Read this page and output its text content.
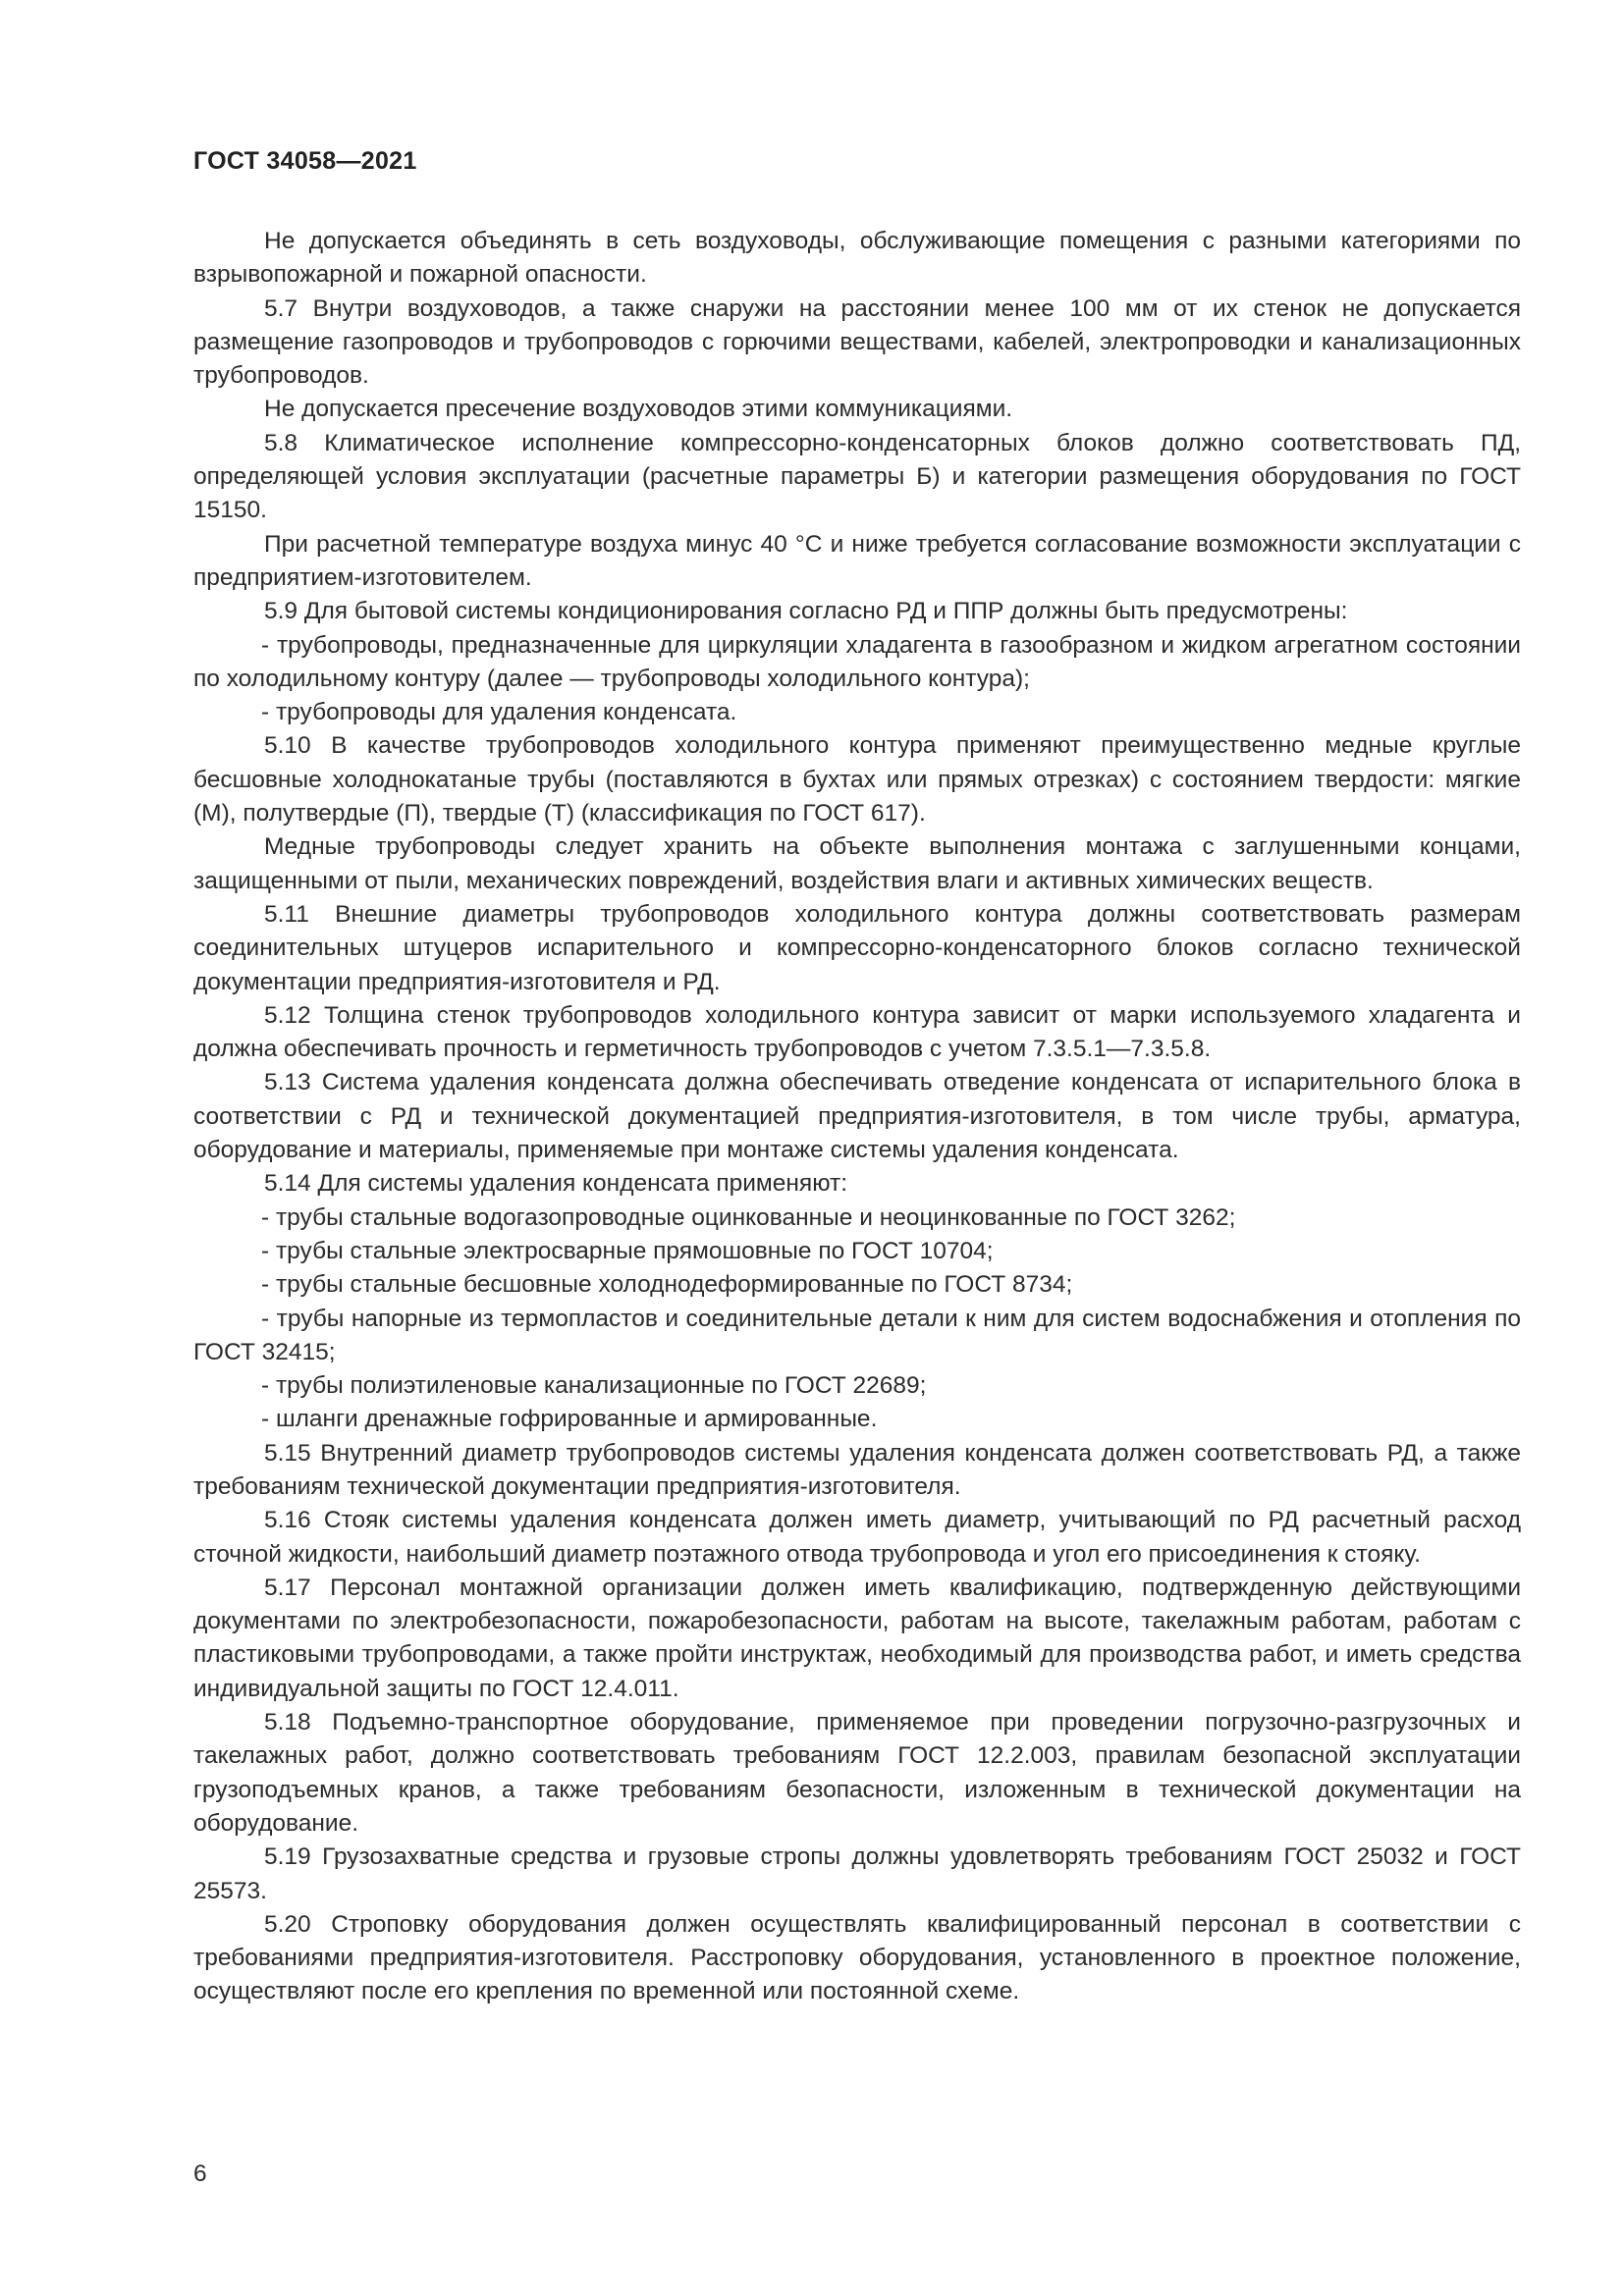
ГОСТ 34058—2021

Не допускается объединять в сеть воздуховоды, обслуживающие помещения с разными категориями по взрывопожарной и пожарной опасности.

5.7 Внутри воздуховодов, а также снаружи на расстоянии менее 100 мм от их стенок не допускается размещение газопроводов и трубопроводов с горючими веществами, кабелей, электропроводки и канализационных трубопроводов.

Не допускается пресечение воздуховодов этими коммуникациями.

5.8 Климатическое исполнение компрессорно-конденсаторных блоков должно соответствовать ПД, определяющей условия эксплуатации (расчетные параметры Б) и категории размещения оборудования по ГОСТ 15150.

При расчетной температуре воздуха минус 40 °С и ниже требуется согласование возможности эксплуатации с предприятием-изготовителем.

5.9 Для бытовой системы кондиционирования согласно РД и ППР должны быть предусмотрены:

- трубопроводы, предназначенные для циркуляции хладагента в газообразном и жидком агрегатном состоянии по холодильному контуру (далее — трубопроводы холодильного контура);

- трубопроводы для удаления конденсата.

5.10 В качестве трубопроводов холодильного контура применяют преимущественно медные круглые бесшовные холоднокатаные трубы (поставляются в бухтах или прямых отрезках) с состоянием твердости: мягкие (М), полутвердые (П), твердые (Т) (классификация по ГОСТ 617).

Медные трубопроводы следует хранить на объекте выполнения монтажа с заглушенными концами, защищенными от пыли, механических повреждений, воздействия влаги и активных химических веществ.

5.11 Внешние диаметры трубопроводов холодильного контура должны соответствовать размерам соединительных штуцеров испарительного и компрессорно-конденсаторного блоков согласно технической документации предприятия-изготовителя и РД.

5.12 Толщина стенок трубопроводов холодильного контура зависит от марки используемого хладагента и должна обеспечивать прочность и герметичность трубопроводов с учетом 7.3.5.1—7.3.5.8.

5.13 Система удаления конденсата должна обеспечивать отведение конденсата от испарительного блока в соответствии с РД и технической документацией предприятия-изготовителя, в том числе трубы, арматура, оборудование и материалы, применяемые при монтаже системы удаления конденсата.

5.14 Для системы удаления конденсата применяют:

- трубы стальные водогазопроводные оцинкованные и неоцинкованные по ГОСТ 3262;

- трубы стальные электросварные прямошовные по ГОСТ 10704;

- трубы стальные бесшовные холоднодеформированные по ГОСТ 8734;

- трубы напорные из термопластов и соединительные детали к ним для систем водоснабжения и отопления по ГОСТ 32415;

- трубы полиэтиленовые канализационные по ГОСТ 22689;

- шланги дренажные гофрированные и армированные.

5.15 Внутренний диаметр трубопроводов системы удаления конденсата должен соответствовать РД, а также требованиям технической документации предприятия-изготовителя.

5.16 Стояк системы удаления конденсата должен иметь диаметр, учитывающий по РД расчетный расход сточной жидкости, наибольший диаметр поэтажного отвода трубопровода и угол его присоединения к стояку.

5.17 Персонал монтажной организации должен иметь квалификацию, подтвержденную действующими документами по электробезопасности, пожаробезопасности, работам на высоте, такелажным работам, работам с пластиковыми трубопроводами, а также пройти инструктаж, необходимый для производства работ, и иметь средства индивидуальной защиты по ГОСТ 12.4.011.

5.18 Подъемно-транспортное оборудование, применяемое при проведении погрузочно-разгрузочных и такелажных работ, должно соответствовать требованиям ГОСТ 12.2.003, правилам безопасной эксплуатации грузоподъемных кранов, а также требованиям безопасности, изложенным в технической документации на оборудование.

5.19 Грузозахватные средства и грузовые стропы должны удовлетворять требованиям ГОСТ 25032 и ГОСТ 25573.

5.20 Строповку оборудования должен осуществлять квалифицированный персонал в соответствии с требованиями предприятия-изготовителя. Расстроповку оборудования, установленного в проектное положение, осуществляют после его крепления по временной или постоянной схеме.

6
